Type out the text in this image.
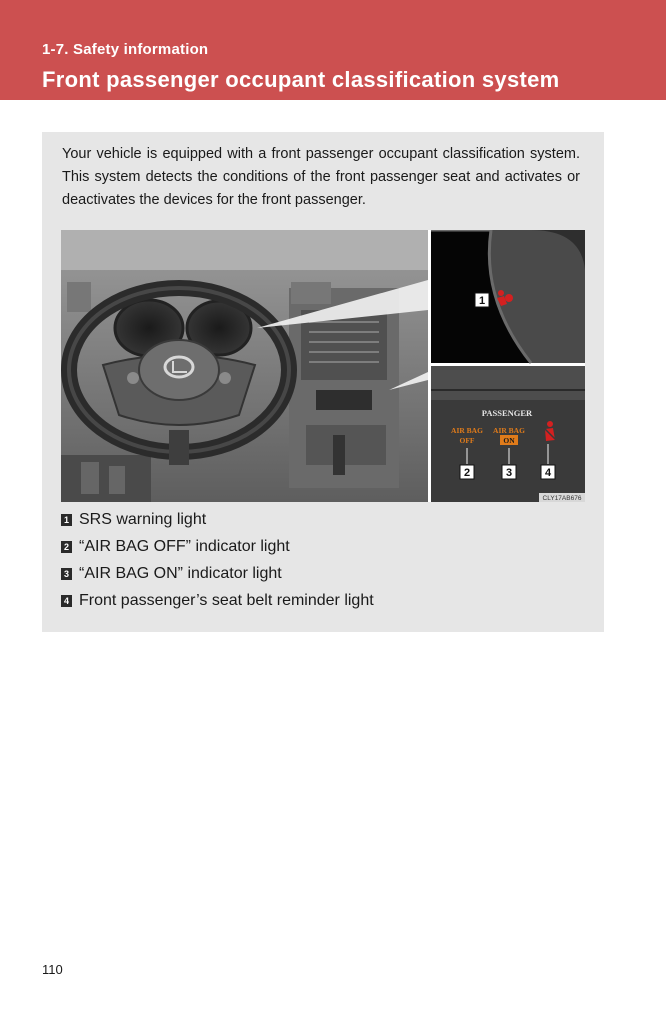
1-7. Safety information
Front passenger occupant classification system

Your vehicle is equipped with a front passenger occupant classification system. This system detects the conditions of the front passenger seat and activates or deactivates the devices for the front passenger.

PASSENGER
AIR BAG
OFF
AIR BAG
ON
1
2	3	4
CLY17AB676
1 SRS warning light
2 “AIR BAG OFF” indicator light
3 “AIR BAG ON” indicator light
4 Front passenger’s seat belt reminder light
110
